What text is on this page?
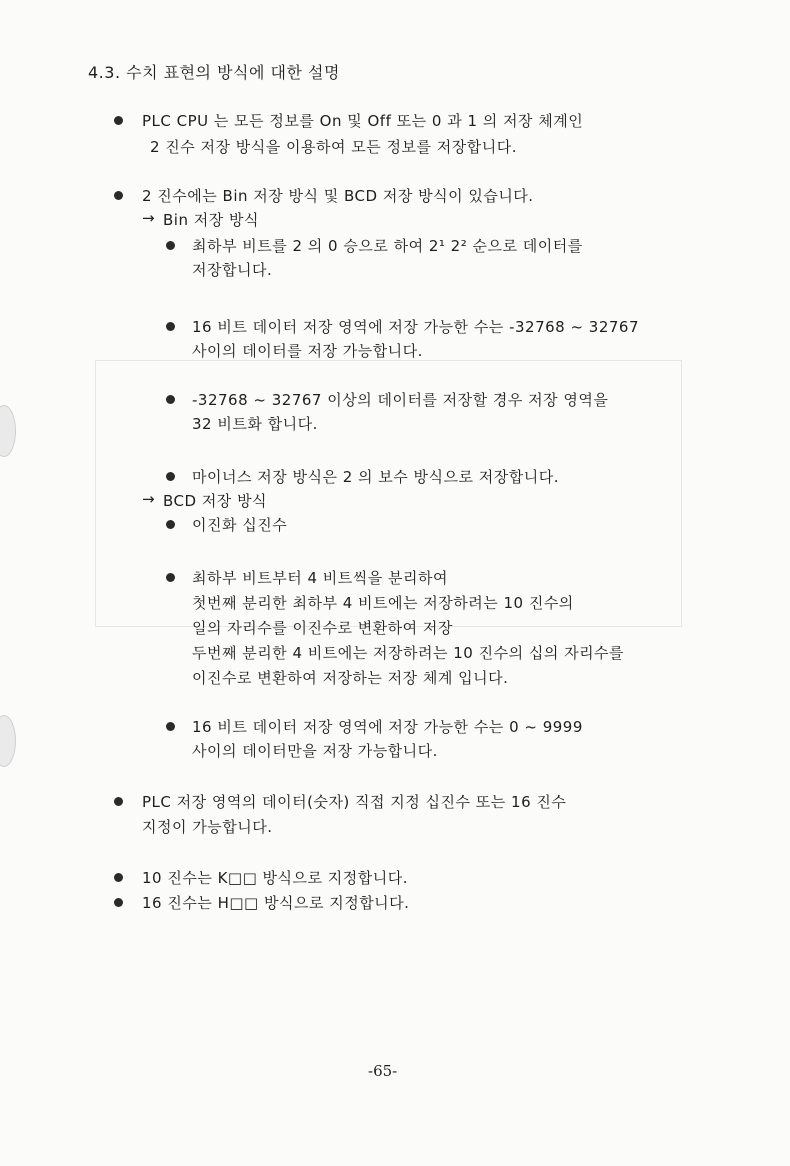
4.3. 수치 표현의 방식에 대한 설명
PLC CPU 는 모든 정보를 On 및 Off 또는 0 과 1 의 저장 체계인
2 진수 저장 방식을 이용하여 모든 정보를 저장합니다.
2 진수에는 Bin 저장 방식 및 BCD 저장 방식이 있습니다.
→ Bin 저장 방식
최하부 비트를 2 의 0 승으로 하여 2¹ 2² 순으로 데이터를
저장합니다.
16 비트 데이터 저장 영역에 저장 가능한 수는 -32768 ~ 32767
사이의 데이터를 저장 가능합니다.
-32768 ~ 32767 이상의 데이터를 저장할 경우 저장 영역을
32 비트화 합니다.
마이너스 저장 방식은 2 의 보수 방식으로 저장합니다.
→ BCD 저장 방식
이진화 십진수
최하부 비트부터 4 비트씩을 분리하여
첫번째 분리한 최하부 4 비트에는 저장하려는 10 진수의
일의 자리수를 이진수로 변환하여 저장
두번째 분리한 4 비트에는 저장하려는 10 진수의 십의 자리수를
이진수로 변환하여 저장하는 저장 체계 입니다.
16 비트 데이터 저장 영역에 저장 가능한 수는 0 ~ 9999
사이의 데이터만을 저장 가능합니다.
PLC 저장 영역의 데이터(숫자) 직접 지정 십진수 또는 16 진수
지정이 가능합니다.
10 진수는 K□□ 방식으로 지정합니다.
16 진수는 H□□ 방식으로 지정합니다.
-65-
